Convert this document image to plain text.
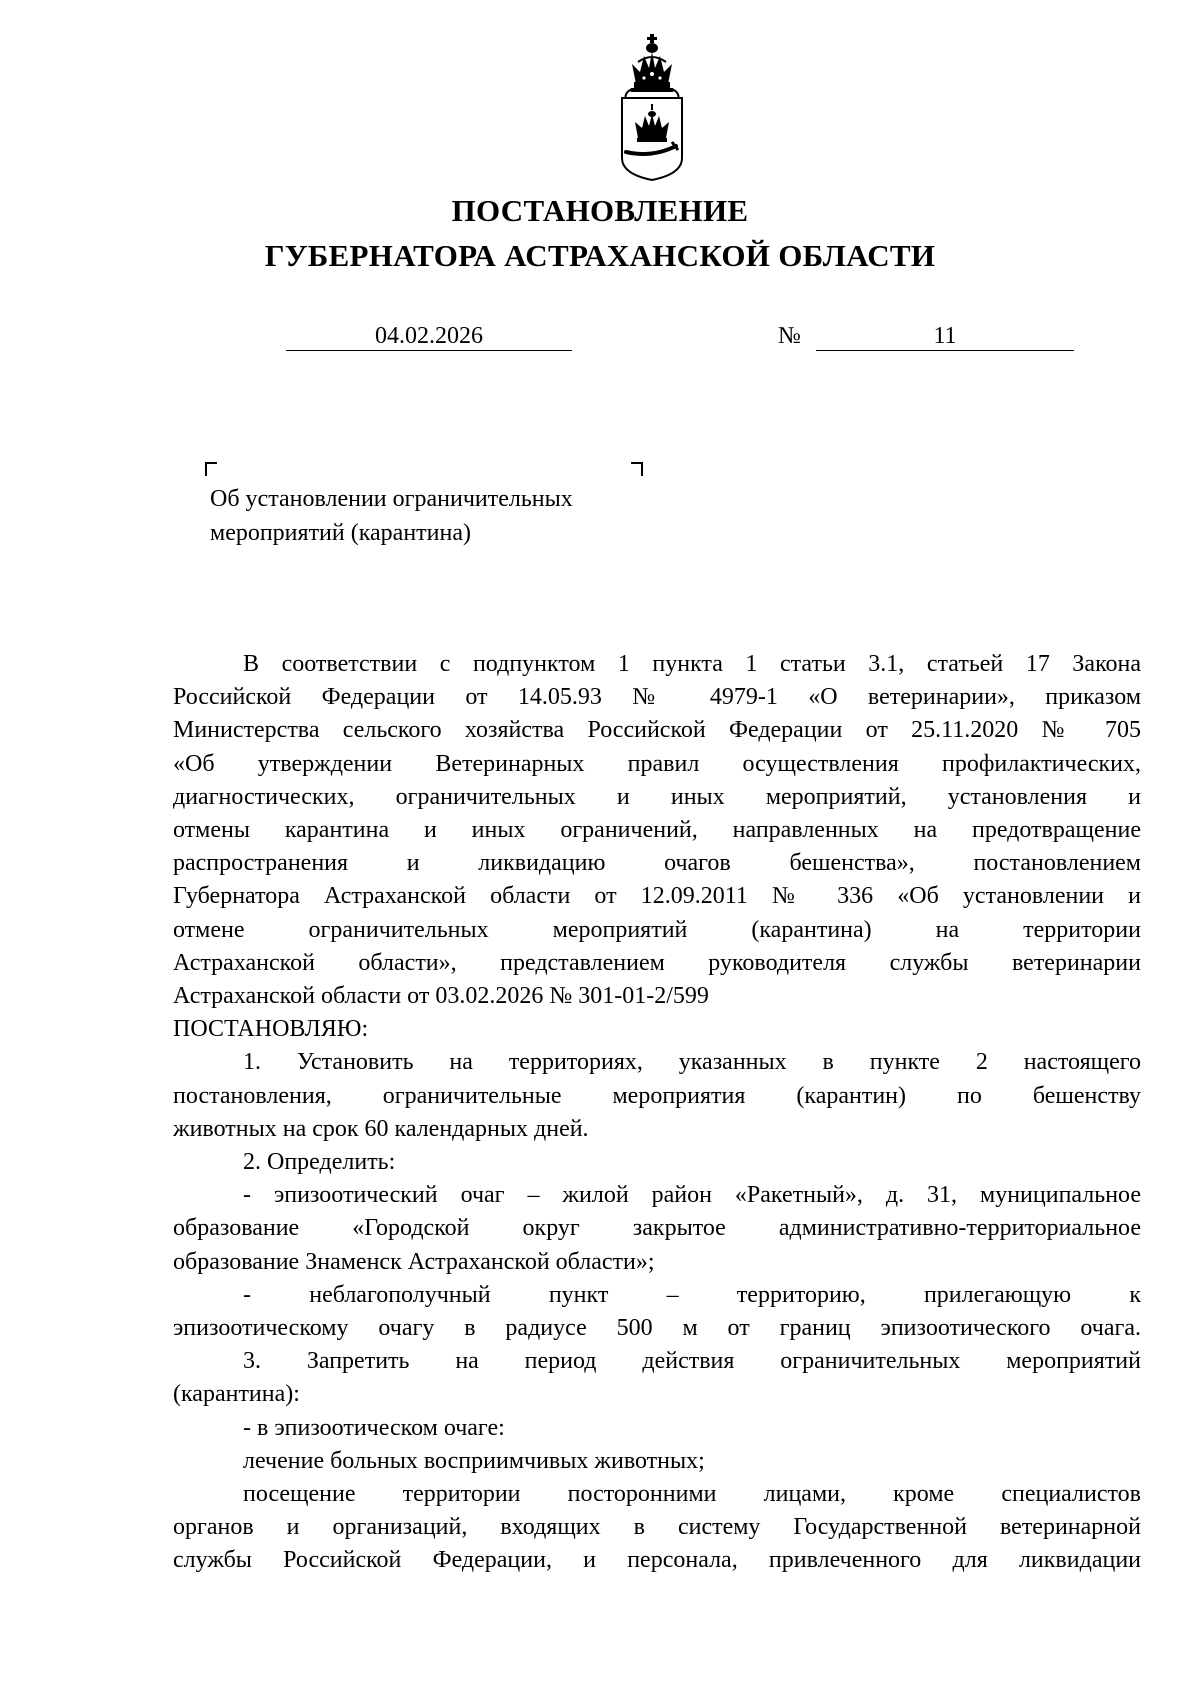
ПОСТАНОВЛЕНИЕ
ГУБЕРНАТОРА АСТРАХАНСКОЙ ОБЛАСТИ
04.02.2026	№	11
Об установлении ограничительных
мероприятий (карантина)

В соответствии с подпунктом 1 пункта 1 статьи 3.1, статьей 17 Закона

Российской Федерации от 14.05.93 № 4979-1 «О ветеринарии», приказом

Министерства сельского хозяйства Российской Федерации от 25.11.2020 № 705

«Об утверждении Ветеринарных правил осуществления профилактических,

диагностических, ограничительных и иных мероприятий, установления и

отмены карантина и иных ограничений, направленных на предотвращение

распространения и ликвидацию очагов бешенства», постановлением

Губернатора Астраханской области от 12.09.2011 № 336 «Об установлении и

отмене ограничительных мероприятий (карантина) на территории

Астраханской области», представлением руководителя службы ветеринарии

Астраханской области от 03.02.2026 № 301-01-2/599

ПОСТАНОВЛЯЮ:

1. Установить на территориях, указанных в пункте 2 настоящего

постановления, ограничительные мероприятия (карантин) по бешенству

животных на срок 60 календарных дней.

2. Определить:

- эпизоотический очаг – жилой район «Ракетный», д. 31, муниципальное

образование «Городской округ закрытое административно-территориальное

образование Знаменск Астраханской области»;

- неблагополучный пункт – территорию, прилегающую к

эпизоотическому очагу в радиусе 500 м от границ эпизоотического очага.

3. Запретить на период действия ограничительных мероприятий

(карантина):

- в эпизоотическом очаге:

лечение больных восприимчивых животных;

посещение территории посторонними лицами, кроме специалистов

органов и организаций, входящих в систему Государственной ветеринарной

службы Российской Федерации, и персонала, привлеченного для ликвидации
